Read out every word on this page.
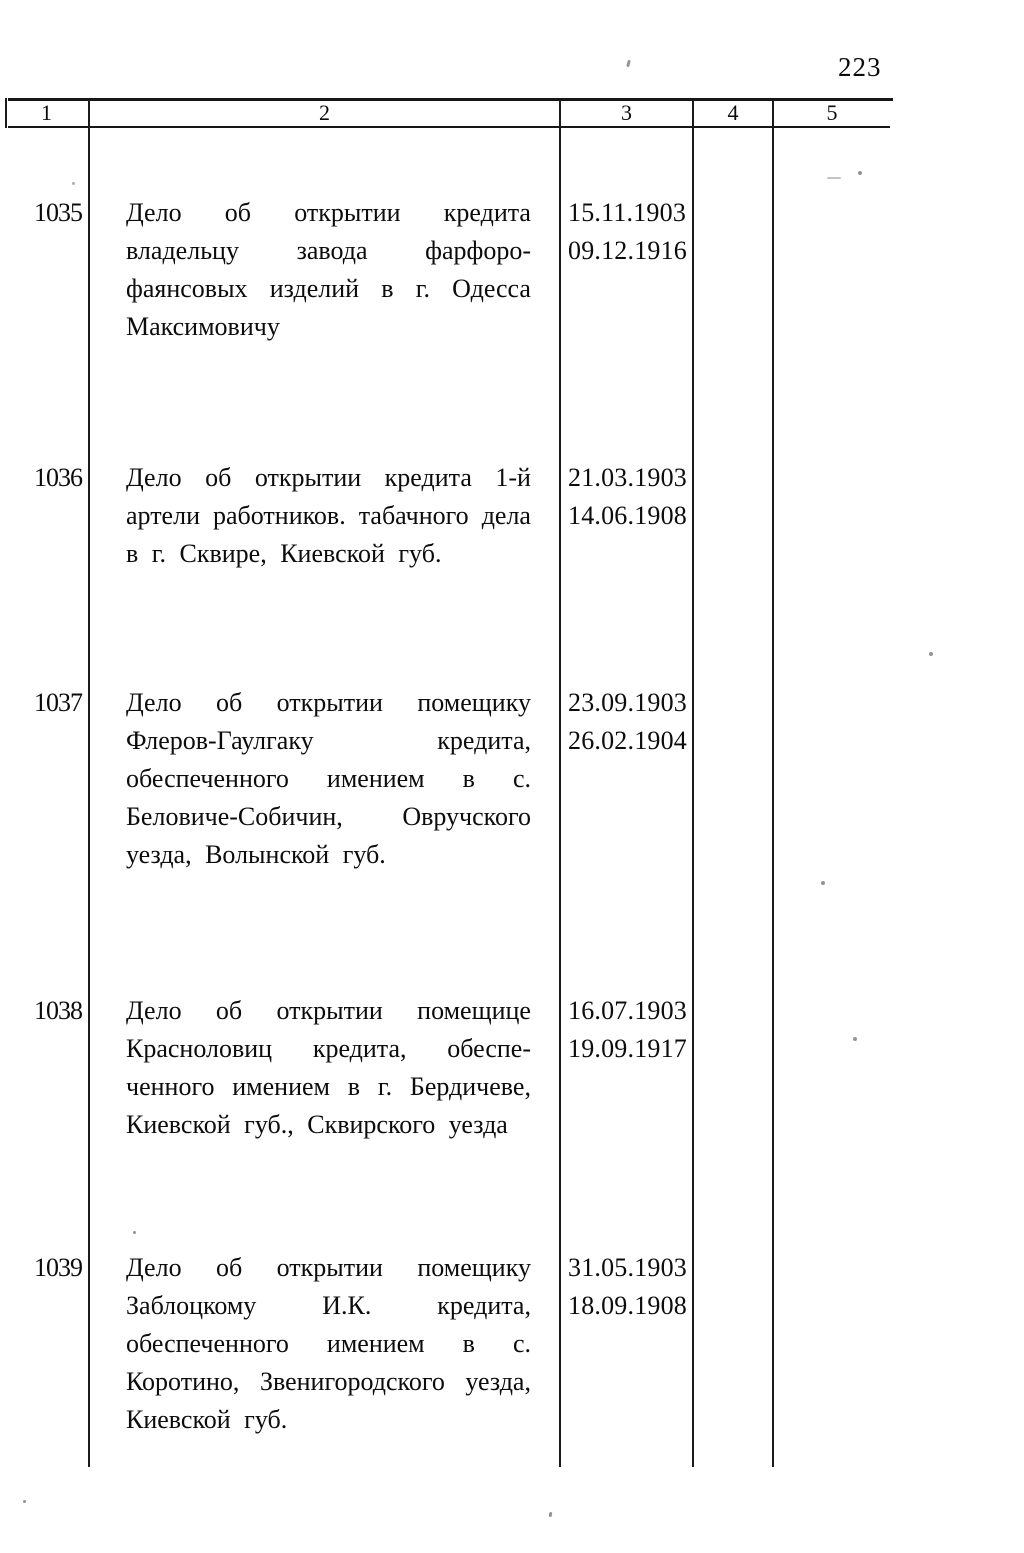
223
1	2	3	4	5
1035 Дело об открытии кредита
владельцу завода фарфоро-
фаянсовых изделий в г. Одесса
Максимовичу
15.11.1903
09.12.1916
1036 Дело об открытии кредита 1-й
артели работников. табачного дела
в г. Сквире, Киевской губ.
21.03.1903
14.06.1908
1037 Дело об открытии помещику
Флеров-Гаулгаку	кредита,
обеспеченного имением в с.
Беловиче-Собичин, Овручского
уезда, Волынской губ.
23.09.1903
26.02.1904
1038 Дело об открытии помещице
Красноловиц кредита, обеспе-
ченного имением в г. Бердичеве,
Киевской губ., Сквирского уезда
16.07.1903
19.09.1917
1039 Дело об открытии помещику
Заблоцкому	И.К.	кредита,
обеспеченного имением в с.
Коротино, Звенигородского уезда,
Киевской губ.
31.05.1903
18.09.1908
